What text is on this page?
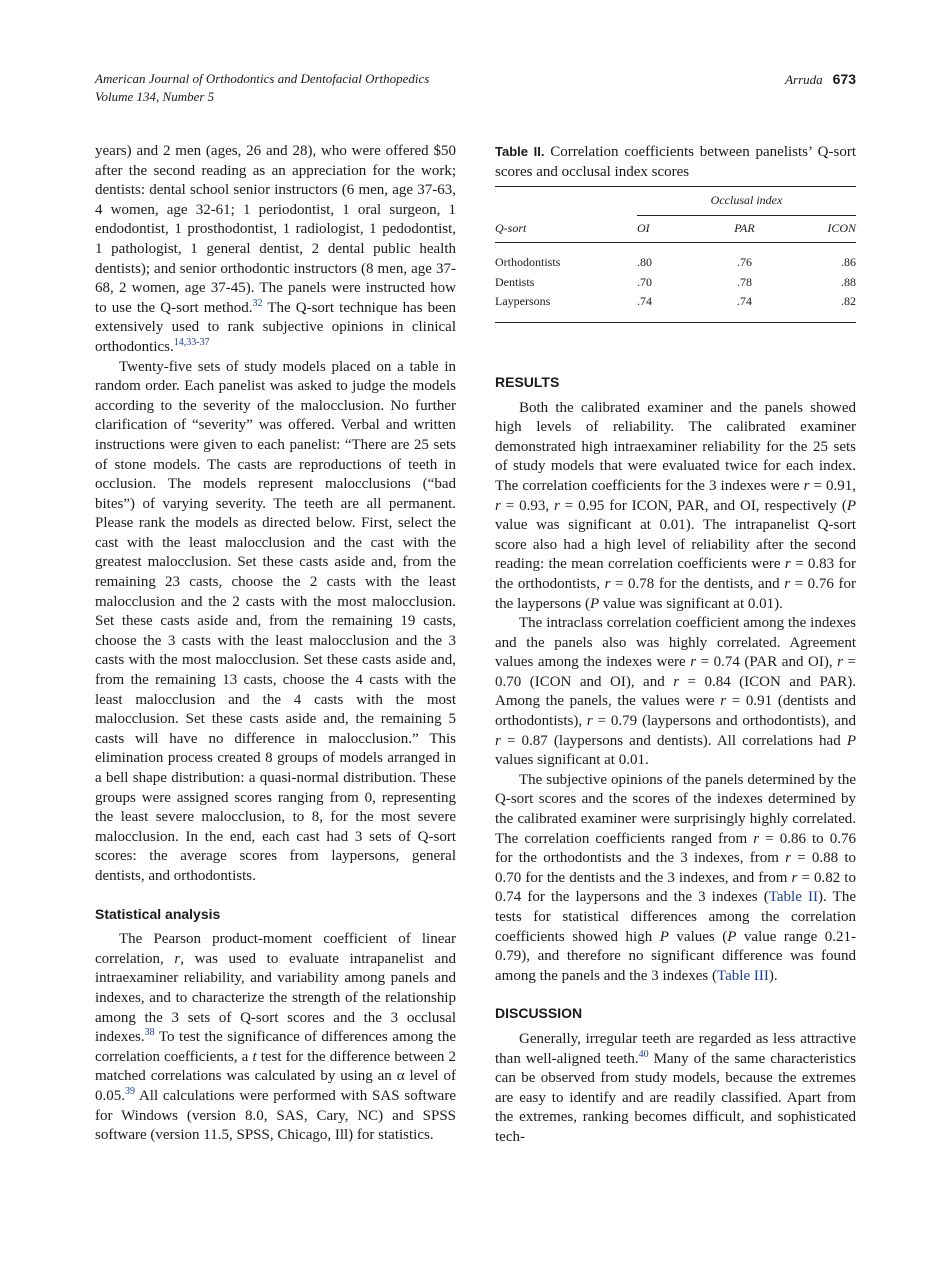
American Journal of Orthodontics and Dentofacial Orthopedics
Volume 134, Number 5
Arruda 673

years) and 2 men (ages, 26 and 28), who were offered $50 after the second reading as an appreciation for the work; dentists: dental school senior instructors (6 men, age 37-63, 4 women, age 32-61; 1 periodontist, 1 oral surgeon, 1 endodontist, 1 prosthodontist, 1 radiologist, 1 pedodontist, 1 pathologist, 1 general dentist, 2 dental public health dentists); and senior orthodontic instructors (8 men, age 37-68, 2 women, age 37-45). The panels were instructed how to use the Q-sort method.$^{32}$ The Q-sort technique has been extensively used to rank subjective opinions in clinical orthodontics.$^{14,33-37}$

Twenty-five sets of study models placed on a table in random order. Each panelist was asked to judge the models according to the severity of the malocclusion. No further clarification of “severity” was offered. Verbal and written instructions were given to each panelist: “There are 25 sets of stone models. The casts are reproductions of teeth in occlusion. The models represent malocclusions (“bad bites”) of varying severity. The teeth are all permanent. Please rank the models as directed below. First, select the cast with the least malocclusion and the cast with the greatest malocclusion. Set these casts aside and, from the remaining 23 casts, choose the 2 casts with the least malocclusion and the 2 casts with the most malocclusion. Set these casts aside and, from the remaining 19 casts, choose the 3 casts with the least malocclusion and the 3 casts with the most malocclusion. Set these casts aside and, from the remaining 13 casts, choose the 4 casts with the least malocclusion and the 4 casts with the most malocclusion. Set these casts aside and, the remaining 5 casts will have no difference in malocclusion.” This elimination process created 8 groups of models arranged in a bell shape distribution: a quasi-normal distribution. These groups were assigned scores ranging from 0, representing the least severe malocclusion, to 8, for the most severe malocclusion. In the end, each cast had 3 sets of Q-sort scores: the average scores from laypersons, general dentists, and orthodontists.

Statistical analysis

The Pearson product-moment coefficient of linear correlation, r, was used to evaluate intrapanelist and intraexaminer reliability, and variability among panels and indexes, and to characterize the strength of the relationship among the 3 sets of Q-sort scores and the 3 occlusal indexes.$^{38}$ To test the significance of differences among the correlation coefficients, a t test for the difference between 2 matched correlations was calculated by using an α level of 0.05.39 All calculations were performed with SAS software for Windows (version 8.0, SAS, Cary, NC) and SPSS software (version 11.5, SPSS, Chicago, Ill) for statistics.

Table II. Correlation coefficients between panelists’ Q-sort scores and occlusal index scores
	Occlusal index		
Q-sort	OI	PAR	ICON
Orthodontists	.80	.76	.86
Dentists	.70	.78	.88
Laypersons	.74	.74	.82
RESULTS

Both the calibrated examiner and the panels showed high levels of reliability. The calibrated examiner demonstrated high intraexaminer reliability for the 25 sets of study models that were evaluated twice for each index. The correlation coefficients for the 3 indexes were r = 0.91, r = 0.93, r = 0.95 for ICON, PAR, and OI, respectively (P value was significant at 0.01). The intrapanelist Q-sort score also had a high level of reliability after the second reading: the mean correlation coefficients were r = 0.83 for the orthodontists, r = 0.78 for the dentists, and r = 0.76 for the laypersons (P value was significant at 0.01).

The intraclass correlation coefficient among the indexes and the panels also was highly correlated. Agreement values among the indexes were r = 0.74 (PAR and OI), r = 0.70 (ICON and OI), and r = 0.84 (ICON and PAR). Among the panels, the values were r = 0.91 (dentists and orthodontists), r = 0.79 (laypersons and orthodontists), and r = 0.87 (laypersons and dentists). All correlations had P values significant at 0.01.

The subjective opinions of the panels determined by the Q-sort scores and the scores of the indexes determined by the calibrated examiner were surprisingly highly correlated. The correlation coefficients ranged from r = 0.86 to 0.76 for the orthodontists and the 3 indexes, from r = 0.88 to 0.70 for the dentists and the 3 indexes, and from r = 0.82 to 0.74 for the laypersons and the 3 indexes (Table II). The tests for statistical differences among the correlation coefficients showed high P values (P value range 0.21-0.79), and therefore no significant difference was found among the panels and the 3 indexes (Table III).

DISCUSSION

Generally, irregular teeth are regarded as less attractive than well-aligned teeth.$^{40}$ Many of the same characteristics can be observed from study models, because the extremes are easy to identify and are readily classified. Apart from the extremes, ranking becomes difficult, and sophisticated tech-
